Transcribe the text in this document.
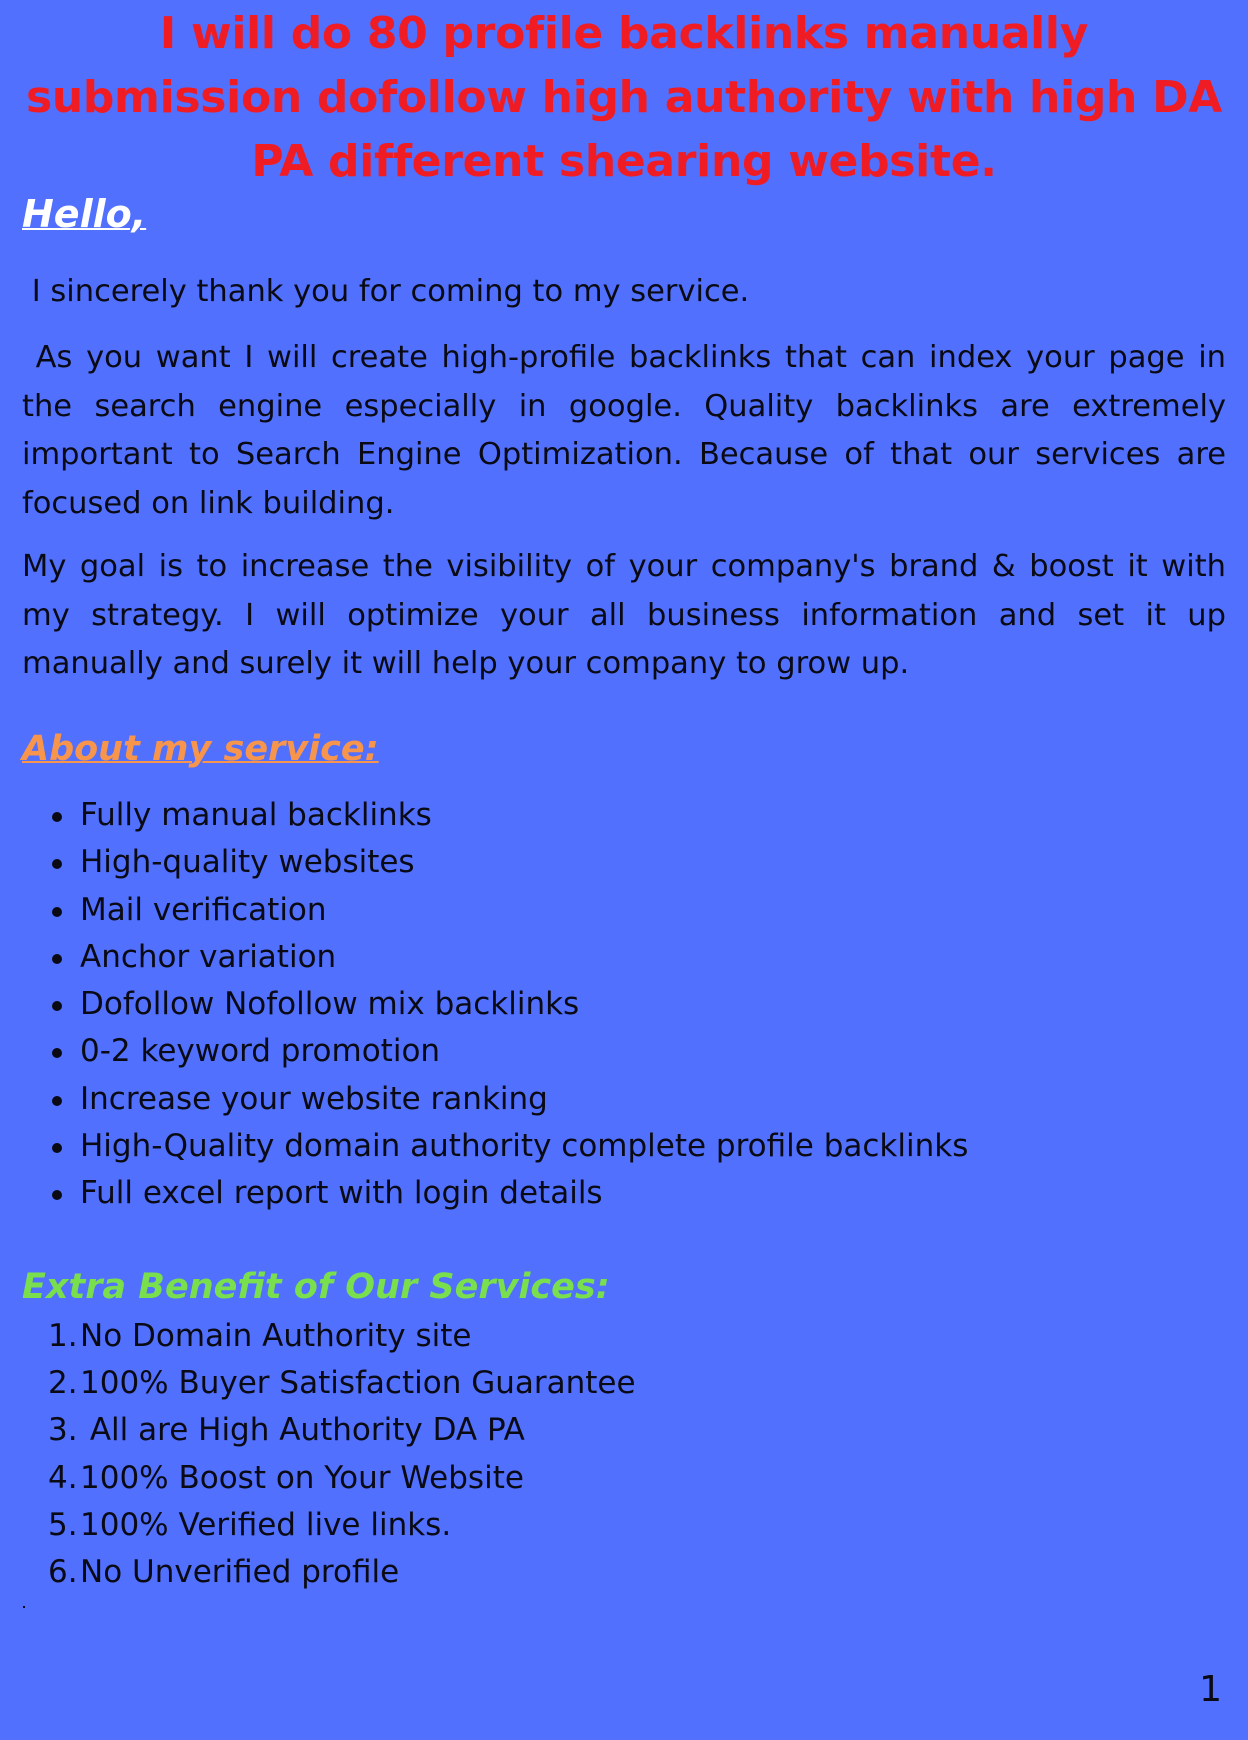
I will do 80 profile backlinks manually submission dofollow high authority with high DA PA different shearing website.

Hello,

I sincerely thank you for coming to my service.

As you want I will create high-profile backlinks that can index your page in the search engine especially in google. Quality backlinks are extremely important to Search Engine Optimization. Because of that our services are focused on link building.

My goal is to increase the visibility of your company's brand & boost it with my strategy. I will optimize your all business information and set it up manually and surely it will help your company to grow up.

About my service:
Fully manual backlinks
High-quality websites
Mail verification
Anchor variation
Dofollow Nofollow mix backlinks
0-2 keyword promotion
Increase your website ranking
High-Quality domain authority complete profile backlinks
Full excel report with login details
Extra Benefit of Our Services:
1. No Domain Authority site
2. 100% Buyer Satisfaction Guarantee
3. All are High Authority DA PA
4. 100% Boost on Your Website
5. 100% Verified live links.
6. No Unverified profile

1
